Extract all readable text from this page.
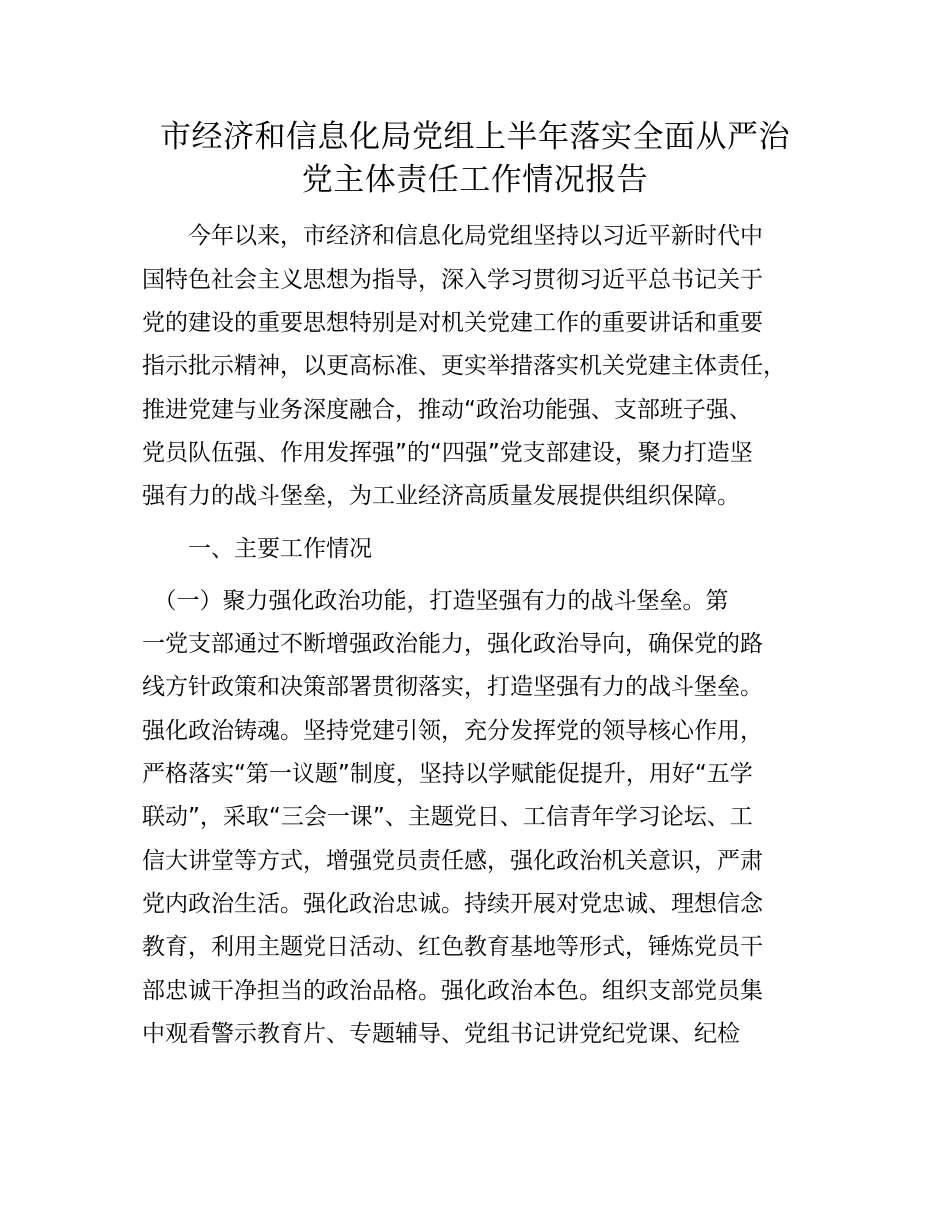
市经济和信息化局党组上半年落实全面从严治
党主体责任工作情况报告
　　今年以来，市经济和信息化局党组坚持以习近平新时代中
国特色社会主义思想为指导，深入学习贯彻习近平总书记关于
党的建设的重要思想特别是对机关党建工作的重要讲话和重要
指示批示精神，以更高标准、更实举措落实机关党建主体责任，
推进党建与业务深度融合，推动“政治功能强、支部班子强、
党员队伍强、作用发挥强”的“四强”党支部建设，聚力打造坚
强有力的战斗堡垒，为工业经济高质量发展提供组织保障。
　　一、主要工作情况
　（一）聚力强化政治功能，打造坚强有力的战斗堡垒。第
一党支部通过不断增强政治能力，强化政治导向，确保党的路
线方针政策和决策部署贯彻落实，打造坚强有力的战斗堡垒。
强化政治铸魂。坚持党建引领，充分发挥党的领导核心作用，
严格落实“第一议题”制度，坚持以学赋能促提升，用好“五学
联动”，采取“三会一课”、主题党日、工信青年学习论坛、工
信大讲堂等方式，增强党员责任感，强化政治机关意识，严肃
党内政治生活。强化政治忠诚。持续开展对党忠诚、理想信念
教育，利用主题党日活动、红色教育基地等形式，锤炼党员干
部忠诚干净担当的政治品格。强化政治本色。组织支部党员集
中观看警示教育片、专题辅导、党组书记讲党纪党课、纪检
